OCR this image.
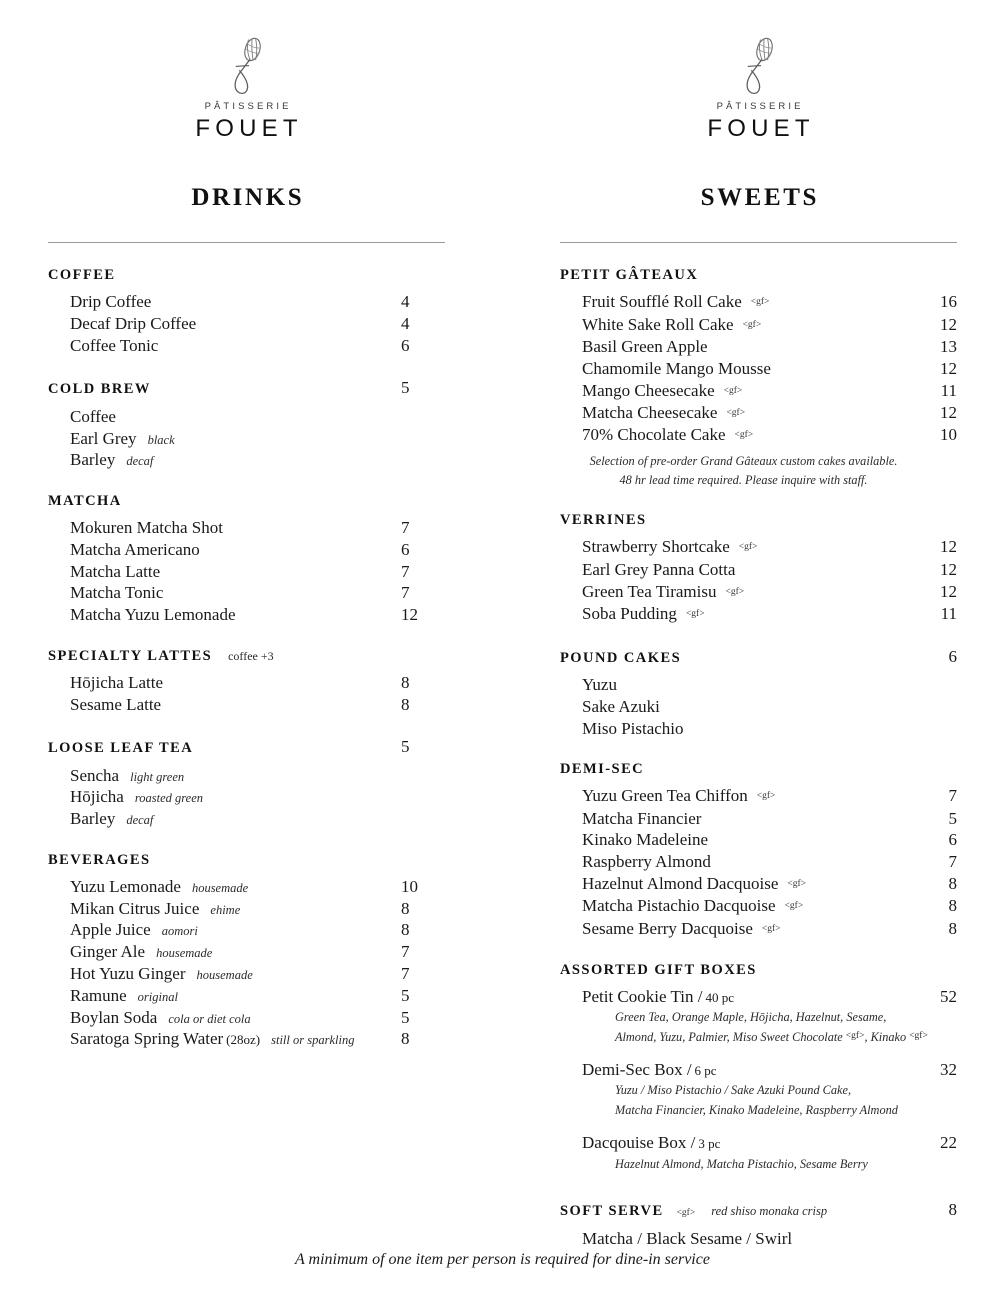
PÂTISSERIE
FOUET
DRINKS
COFFEE
Drip Coffee	4
Decaf Drip Coffee	4
Coffee Tonic	6
COLD BREW	5
Coffee
Earl Grey black
Barley decaf
MATCHA
Mokuren Matcha Shot	7
Matcha Americano	6
Matcha Latte	7
Matcha Tonic	7
Matcha Yuzu Lemonade	12
SPECIALTY LATTES coffee +3
Hōjicha Latte	8
Sesame Latte	8
LOOSE LEAF TEA	5
Sencha light green
Hōjicha roasted green
Barley decaf
BEVERAGES
Yuzu Lemonade housemade	10
Mikan Citrus Juice ehime	8
Apple Juice aomori	8
Ginger Ale housemade	7
Hot Yuzu Ginger housemade	7
Ramune original	5
Boylan Soda cola or diet cola	5
Saratoga Spring Water (28oz) still or sparkling	8
PÂTISSERIE
FOUET
SWEETS
PETIT GÂTEAUX
Fruit Soufflé Roll Cake <gf>	16
White Sake Roll Cake <gf>	12
Basil Green Apple	13
Chamomile Mango Mousse	12
Mango Cheesecake <gf>	11
Matcha Cheesecake <gf>	12
70% Chocolate Cake <gf>	10
Selection of pre-order Grand Gâteaux custom cakes available.
48 hr lead time required. Please inquire with staff.
VERRINES
Strawberry Shortcake <gf>	12
Earl Grey Panna Cotta	12
Green Tea Tiramisu <gf>	12
Soba Pudding <gf>	11
POUND CAKES	6
Yuzu
Sake Azuki
Miso Pistachio
DEMI-SEC
Yuzu Green Tea Chiffon <gf>	7
Matcha Financier	5
Kinako Madeleine	6
Raspberry Almond	7
Hazelnut Almond Dacquoise <gf>	8
Matcha Pistachio Dacquoise <gf>	8
Sesame Berry Dacquoise <gf>	8
ASSORTED GIFT BOXES
Petit Cookie Tin / 40 pc	52
Green Tea, Orange Maple, Hōjicha, Hazelnut, Sesame,
Almond, Yuzu, Palmier, Miso Sweet Chocolate $^{<gf>}$, Kinako $^{<gf>}$
Demi-Sec Box / 6 pc	32
Yuzu / Miso Pistachio / Sake Azuki Pound Cake,
Matcha Financier, Kinako Madeleine, Raspberry Almond
Dacqouise Box / 3 pc	22
Hazelnut Almond, Matcha Pistachio, Sesame Berry
SOFT SERVE <gf> red shiso monaka crisp	8
Matcha / Black Sesame / Swirl
A minimum of one item per person is required for dine-in service
